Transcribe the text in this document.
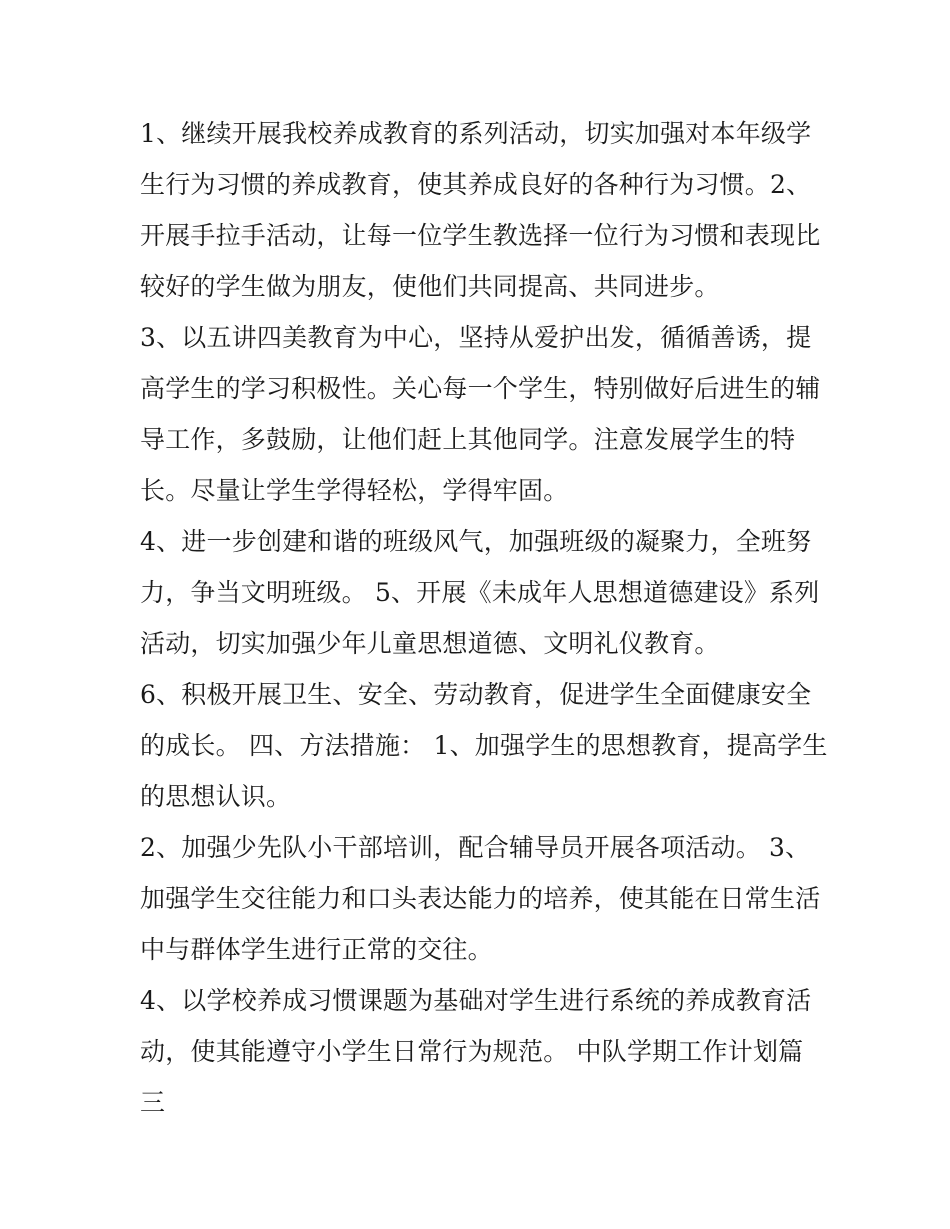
1、继续开展我校养成教育的系列活动，切实加强对本年级学
生行为习惯的养成教育，使其养成良好的各种行为习惯。2、
开展手拉手活动，让每一位学生教选择一位行为习惯和表现比
较好的学生做为朋友，使他们共同提高、共同进步。
3、以五讲四美教育为中心，坚持从爱护出发，循循善诱，提
高学生的学习积极性。关心每一个学生，特别做好后进生的辅
导工作，多鼓励，让他们赶上其他同学。注意发展学生的特
长。尽量让学生学得轻松，学得牢固。
4、进一步创建和谐的班级风气，加强班级的凝聚力，全班努
力，争当文明班级。 5、开展《未成年人思想道德建设》系列
活动，切实加强少年儿童思想道德、文明礼仪教育。
6、积极开展卫生、安全、劳动教育，促进学生全面健康安全
的成长。 四、方法措施： 1、加强学生的思想教育，提高学生
的思想认识。
2、加强少先队小干部培训，配合辅导员开展各项活动。 3、
加强学生交往能力和口头表达能力的培养，使其能在日常生活
中与群体学生进行正常的交往。
4、以学校养成习惯课题为基础对学生进行系统的养成教育活
动，使其能遵守小学生日常行为规范。 中队学期工作计划篇
三
